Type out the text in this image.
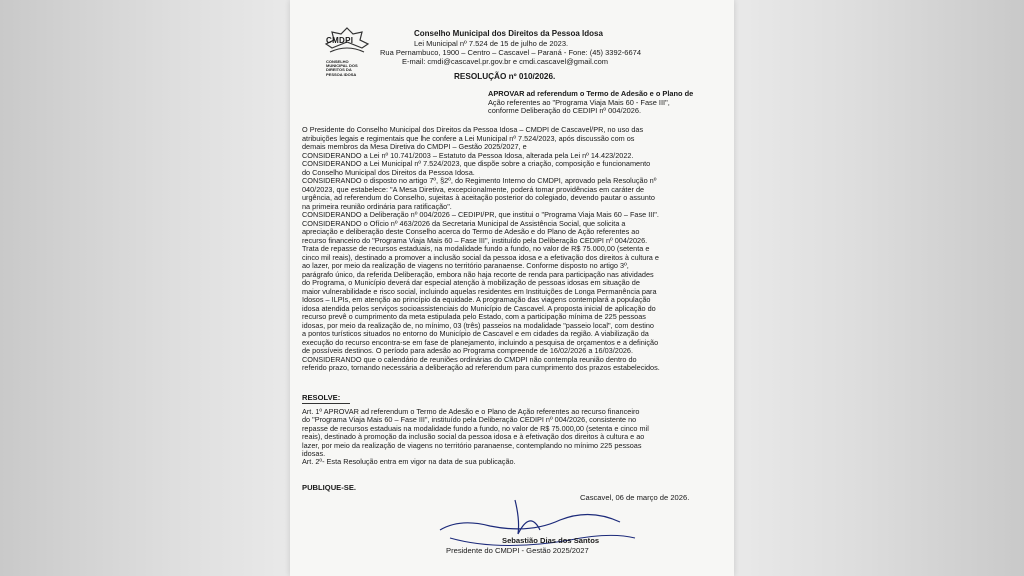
CMDPI
CONSELHO MUNICIPAL DOS DIREITOS DA PESSOA IDOSA
Conselho Municipal dos Direitos da Pessoa Idosa
Lei Municipal nº 7.524 de 15 de julho de 2023.
Rua Pernambuco, 1900 – Centro – Cascavel – Paraná - Fone: (45) 3392-6674
E-mail: cmdi@cascavel.pr.gov.br e cmdi.cascavel@gmail.com
RESOLUÇÃO nº 010/2026.
APROVAR ad referendum o Termo de Adesão e o Plano de
Ação referentes ao "Programa Viaja Mais 60 - Fase III",
conforme Deliberação do CEDIPI nº 004/2026.

O Presidente do Conselho Municipal dos Direitos da Pessoa Idosa – CMDPI de Cascavel/PR, no uso das

atribuições legais e regimentais que lhe confere a Lei Municipal nº 7.524/2023, após discussão com os

demais membros da Mesa Diretiva do CMDPI – Gestão 2025/2027, e

CONSIDERANDO a Lei nº 10.741/2003 – Estatuto da Pessoa Idosa, alterada pela Lei nº 14.423/2022.

CONSIDERANDO a Lei Municipal nº 7.524/2023, que dispõe sobre a criação, composição e funcionamento

do Conselho Municipal dos Direitos da Pessoa Idosa.

CONSIDERANDO o disposto no artigo 7º, §2º, do Regimento Interno do CMDPI, aprovado pela Resolução nº

040/2023, que estabelece: "A Mesa Diretiva, excepcionalmente, poderá tomar providências em caráter de

urgência, ad referendum do Conselho, sujeitas à aceitação posterior do colegiado, devendo pautar o assunto

na primeira reunião ordinária para ratificação".

CONSIDERANDO a Deliberação nº 004/2026 – CEDIPI/PR, que institui o "Programa Viaja Mais 60 – Fase III".

CONSIDERANDO o Ofício nº 463/2026 da Secretaria Municipal de Assistência Social, que solicita a

apreciação e deliberação deste Conselho acerca do Termo de Adesão e do Plano de Ação referentes ao

recurso financeiro do "Programa Viaja Mais 60 – Fase III", instituído pela Deliberação CEDIPI nº 004/2026.

Trata de repasse de recursos estaduais, na modalidade fundo a fundo, no valor de R$ 75.000,00 (setenta e

cinco mil reais), destinado a promover a inclusão social da pessoa idosa e a efetivação dos direitos à cultura e

ao lazer, por meio da realização de viagens no território paranaense. Conforme disposto no artigo 3º,

parágrafo único, da referida Deliberação, embora não haja recorte de renda para participação nas atividades

do Programa, o Município deverá dar especial atenção à mobilização de pessoas idosas em situação de

maior vulnerabilidade e risco social, incluindo aquelas residentes em Instituições de Longa Permanência para

Idosos – ILPIs, em atenção ao princípio da equidade. A programação das viagens contemplará a população

idosa atendida pelos serviços socioassistenciais do Município de Cascavel. A proposta inicial de aplicação do

recurso prevê o cumprimento da meta estipulada pelo Estado, com a participação mínima de 225 pessoas

idosas, por meio da realização de, no mínimo, 03 (três) passeios na modalidade "passeio local", com destino

a pontos turísticos situados no entorno do Município de Cascavel e em cidades da região. A viabilização da

execução do recurso encontra-se em fase de planejamento, incluindo a pesquisa de orçamentos e a definição

de possíveis destinos. O período para adesão ao Programa compreende de 16/02/2026 a 16/03/2026.

CONSIDERANDO que o calendário de reuniões ordinárias do CMDPI não contempla reunião dentro do

referido prazo, tornando necessária a deliberação ad referendum para cumprimento dos prazos estabelecidos.

RESOLVE:

Art. 1º APROVAR ad referendum o Termo de Adesão e o Plano de Ação referentes ao recurso financeiro

do "Programa Viaja Mais 60 – Fase III", instituído pela Deliberação CEDIPI nº 004/2026, consistente no

repasse de recursos estaduais na modalidade fundo a fundo, no valor de R$ 75.000,00 (setenta e cinco mil

reais), destinado à promoção da inclusão social da pessoa idosa e à efetivação dos direitos à cultura e ao

lazer, por meio da realização de viagens no território paranaense, contemplando no mínimo 225 pessoas

idosas.

Art. 2º- Esta Resolução entra em vigor na data de sua publicação.

PUBLIQUE-SE.
Cascavel, 06 de março de 2026.
Sebastião Dias dos Santos
Presidente do CMDPI - Gestão 2025/2027
